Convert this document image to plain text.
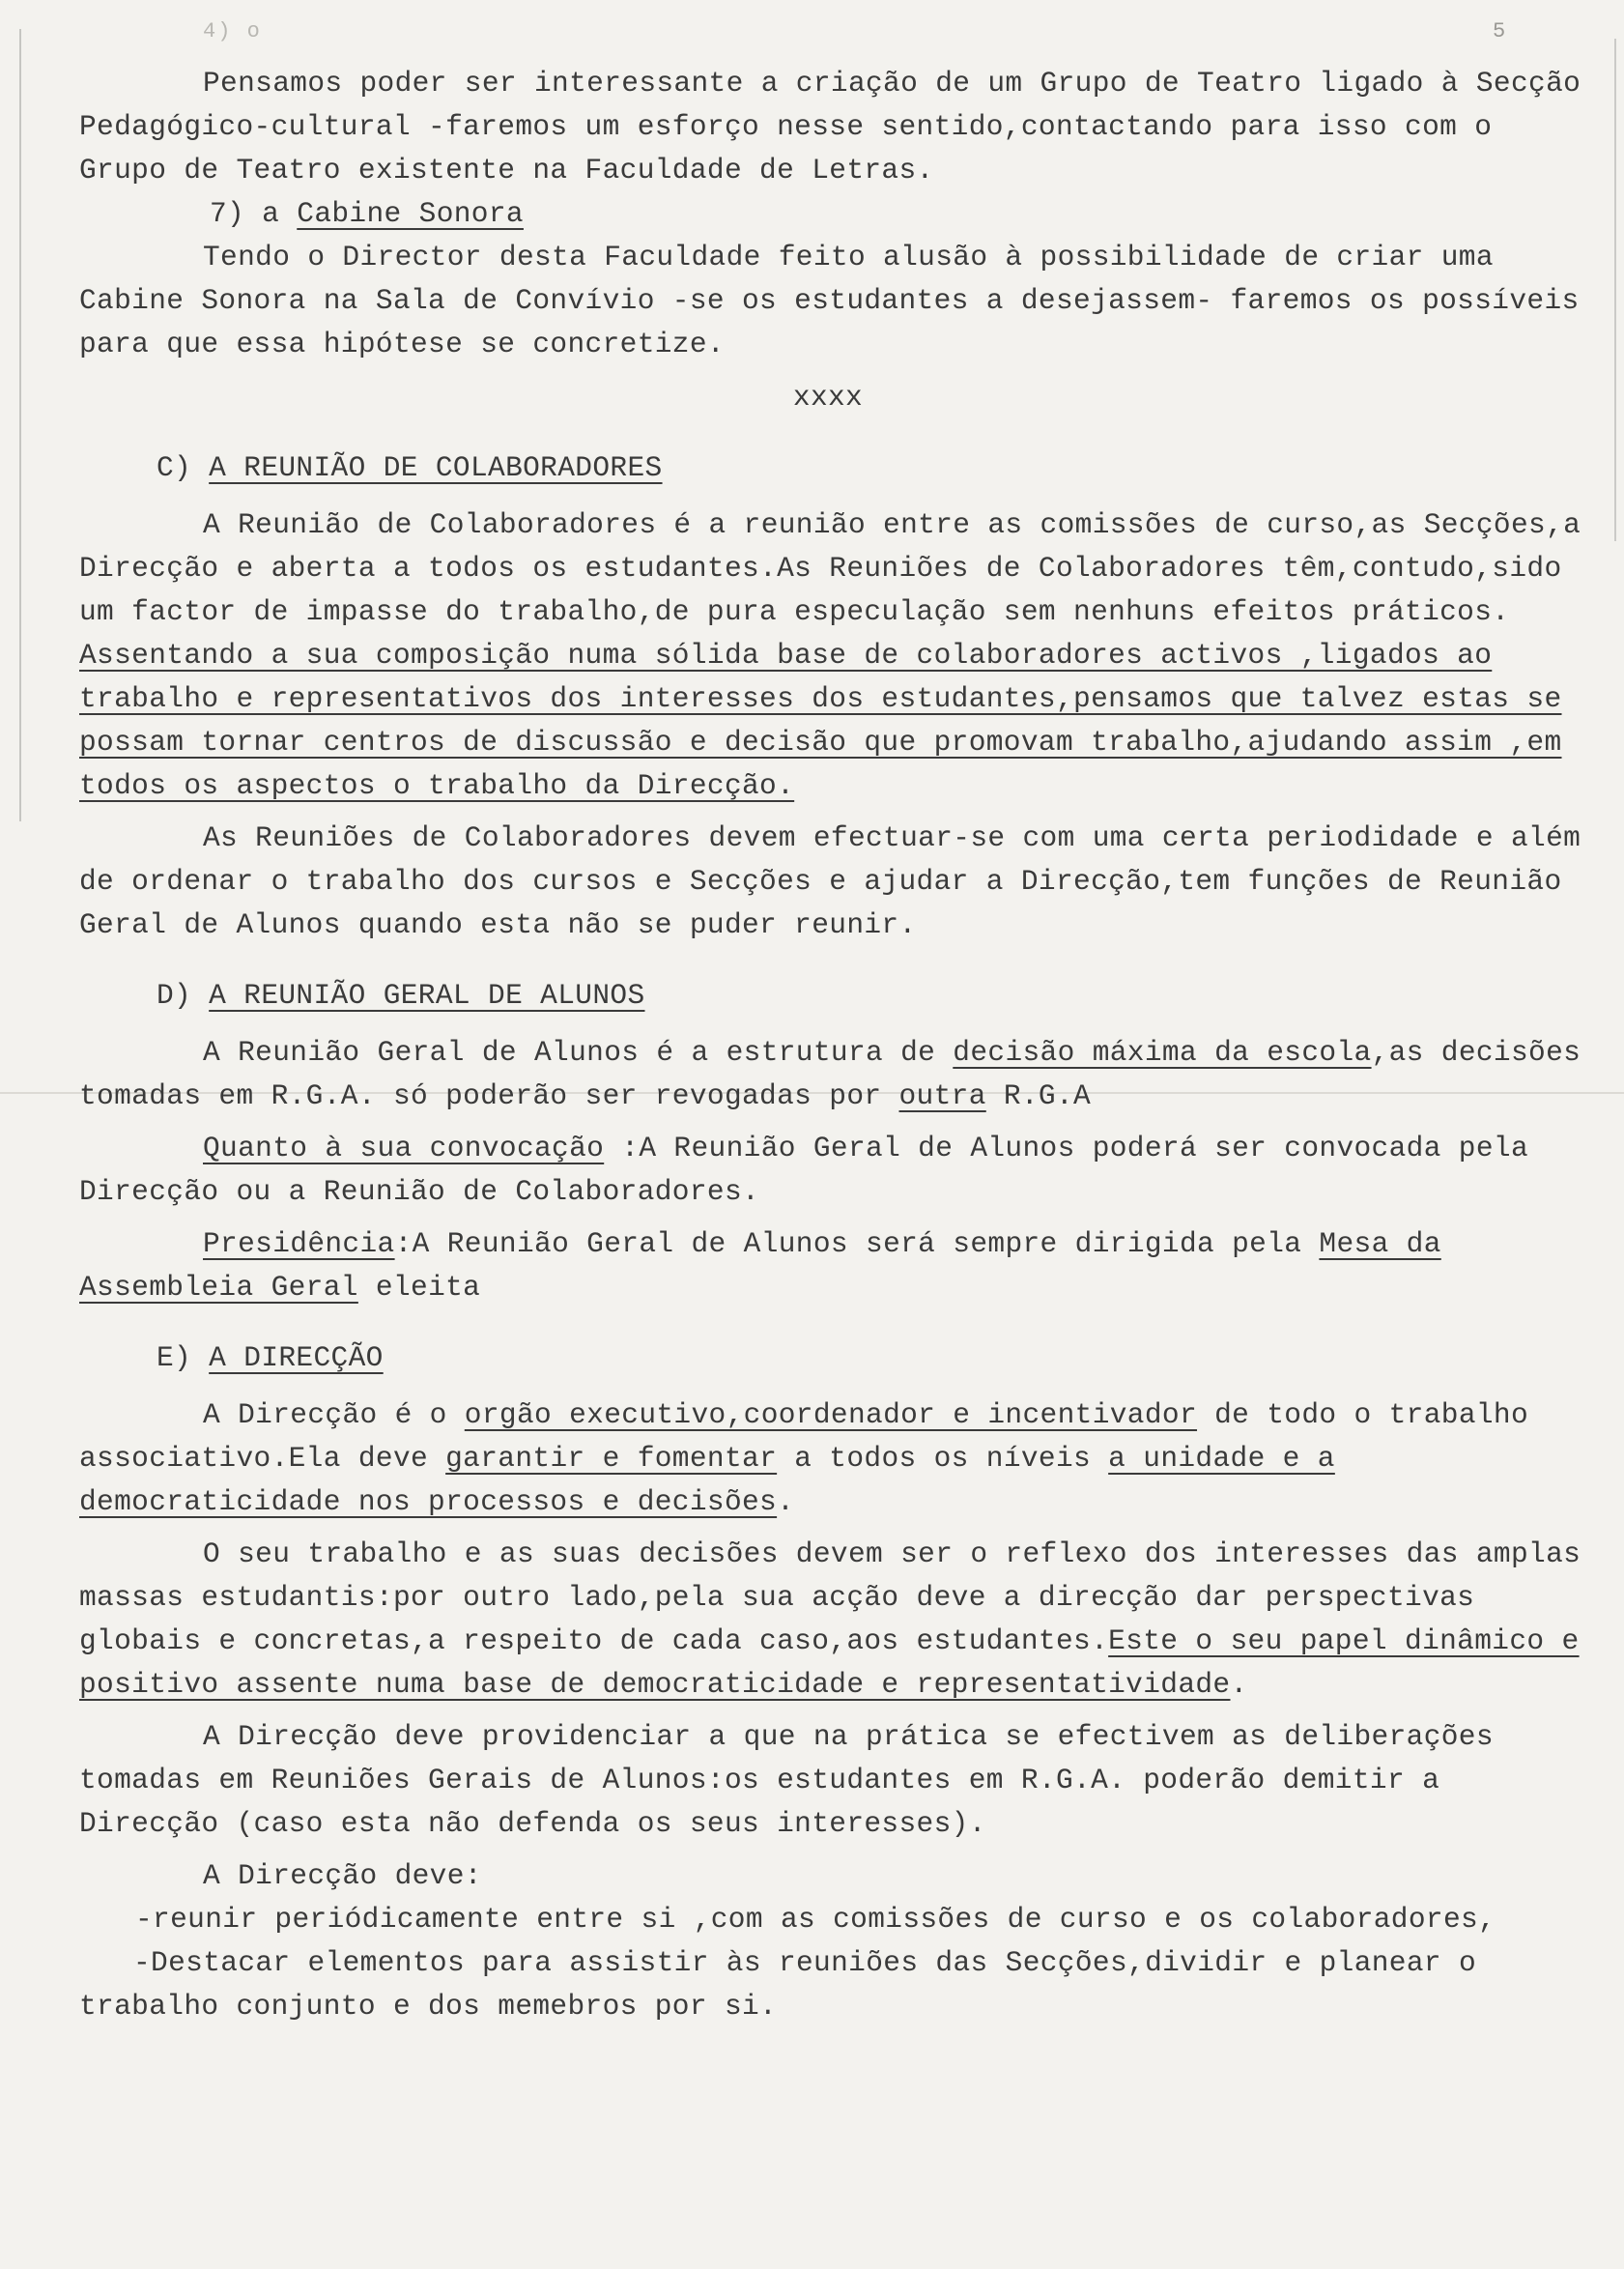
4) o	5

Pensamos poder ser interessante a criação de um Grupo de Teatro ligado à Secção Pedagógico-cultural -faremos um esforço nesse sentido,contactando para isso com o Grupo de Teatro existente na Faculdade de Letras.

7) a Cabine Sonora

Tendo o Director desta Faculdade feito alusão à possibilidade de criar uma Cabine Sonora na Sala de Convívio -se os estudantes a desejassem- faremos os possíveis para que essa hipótese se concretize.

xxxx

C) A REUNIÃO DE COLABORADORES

A Reunião de Colaboradores é a reunião entre as comissões de curso,as Secções,a Direcção e aberta a todos os estudantes.As Reuniões de Colaboradores têm,contudo,sido um factor de impasse do trabalho,de pura especulação sem nenhuns efeitos práticos. Assentando a sua composição numa sólida base de colaboradores activos ,ligados ao trabalho e representativos dos interesses dos estudantes,pensamos que talvez estas se possam tornar centros de discussão e decisão que promovam trabalho,ajudando assim ,em todos os aspectos o trabalho da Direcção.

As Reuniões de Colaboradores devem efectuar-se com uma certa periodidade e além de ordenar o trabalho dos cursos e Secções e ajudar a Direcção,tem funções de Reunião Geral de Alunos quando esta não se puder reunir.

D) A REUNIÃO GERAL DE ALUNOS

A Reunião Geral de Alunos é a estrutura de decisão máxima da escola,as decisões tomadas em R.G.A. só poderão ser revogadas por outra R.G.A

Quanto à sua convocação :A Reunião Geral de Alunos poderá ser convocada pela Direcção ou a Reunião de Colaboradores.

Presidência:A Reunião Geral de Alunos será sempre dirigida pela Mesa da Assembleia Geral eleita

E) A DIRECÇÃO

A Direcção é o orgão executivo,coordenador e incentivador de todo o trabalho associativo.Ela deve garantir e fomentar a todos os níveis a unidade e a democraticidade nos processos e decisões.

O seu trabalho e as suas decisões devem ser o reflexo dos interesses das amplas massas estudantis:por outro lado,pela sua acção deve a direcção dar perspectivas globais e concretas,a respeito de cada caso,aos estudantes.Este o seu papel dinâmico e positivo assente numa base de democraticidade e representatividade.

A Direcção deve providenciar a que na prática se efectivem as deliberações tomadas em Reuniões Gerais de Alunos:os estudantes em R.G.A. poderão demitir a Direcção (caso esta não defenda os seus interesses).

A Direcção deve:

-reunir periódicamente entre si ,com as comissões de curso e os colaboradores,

-Destacar elementos para assistir às reuniões das Secções,dividir e planear o trabalho conjunto e dos memebros por si.
